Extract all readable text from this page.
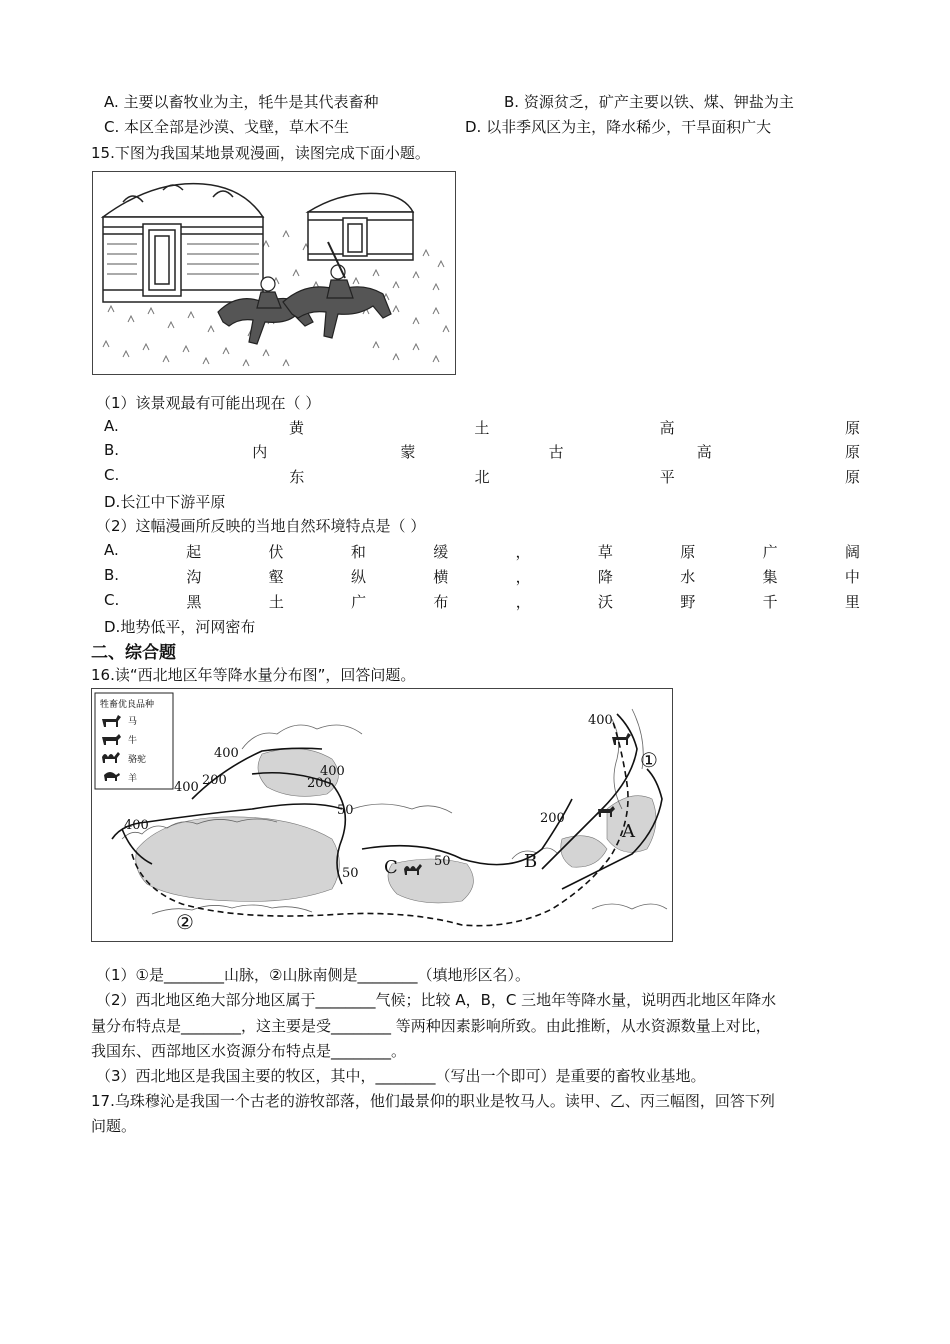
A. 主要以畜牧业为主，牦牛是其代表畜种	B. 资源贫乏，矿产主要以铁、煤、钾盐为主
C. 本区全部是沙漠、戈壁，草木不生	D. 以非季风区为主，降水稀少，干旱面积广大
15.下图为我国某地景观漫画，读图完成下面小题。
（1）该景观最有可能出现在（ ）
A.	黄	土	高	原
B.	内	蒙	古	高	原
C.	东	北	平	原
D.长江中下游平原
（2）这幅漫画所反映的当地自然环境特点是（ ）
A.	起	伏	和	缓	，	草	原	广	阔
B.	沟	壑	纵	横	，	降	水	集	中
C.	黑	土	广	布	，	沃	野	千	里
D.地势低平，河网密布
二、综合题
16.读“西北地区年等降水量分布图”，回答问题。
牲畜优良品种
马
牛
骆驼
羊
400
200	200
400
400
50
400
50
50
200
400
A
B
C
①
②
（1）①是________山脉，②山脉南侧是________（填地形区名）。
（2）西北地区绝大部分地区属于________气候；比较 A，B，C 三地年等降水量，说明西北地区年降水
量分布特点是________，这主要是受________ 等两种因素影响所致。由此推断，从水资源数量上对比，
我国东、西部地区水资源分布特点是________。
（3）西北地区是我国主要的牧区，其中，________（写出一个即可）是重要的畜牧业基地。
17.乌珠穆沁是我国一个古老的游牧部落，他们最景仰的职业是牧马人。读甲、乙、丙三幅图，回答下列
问题。
